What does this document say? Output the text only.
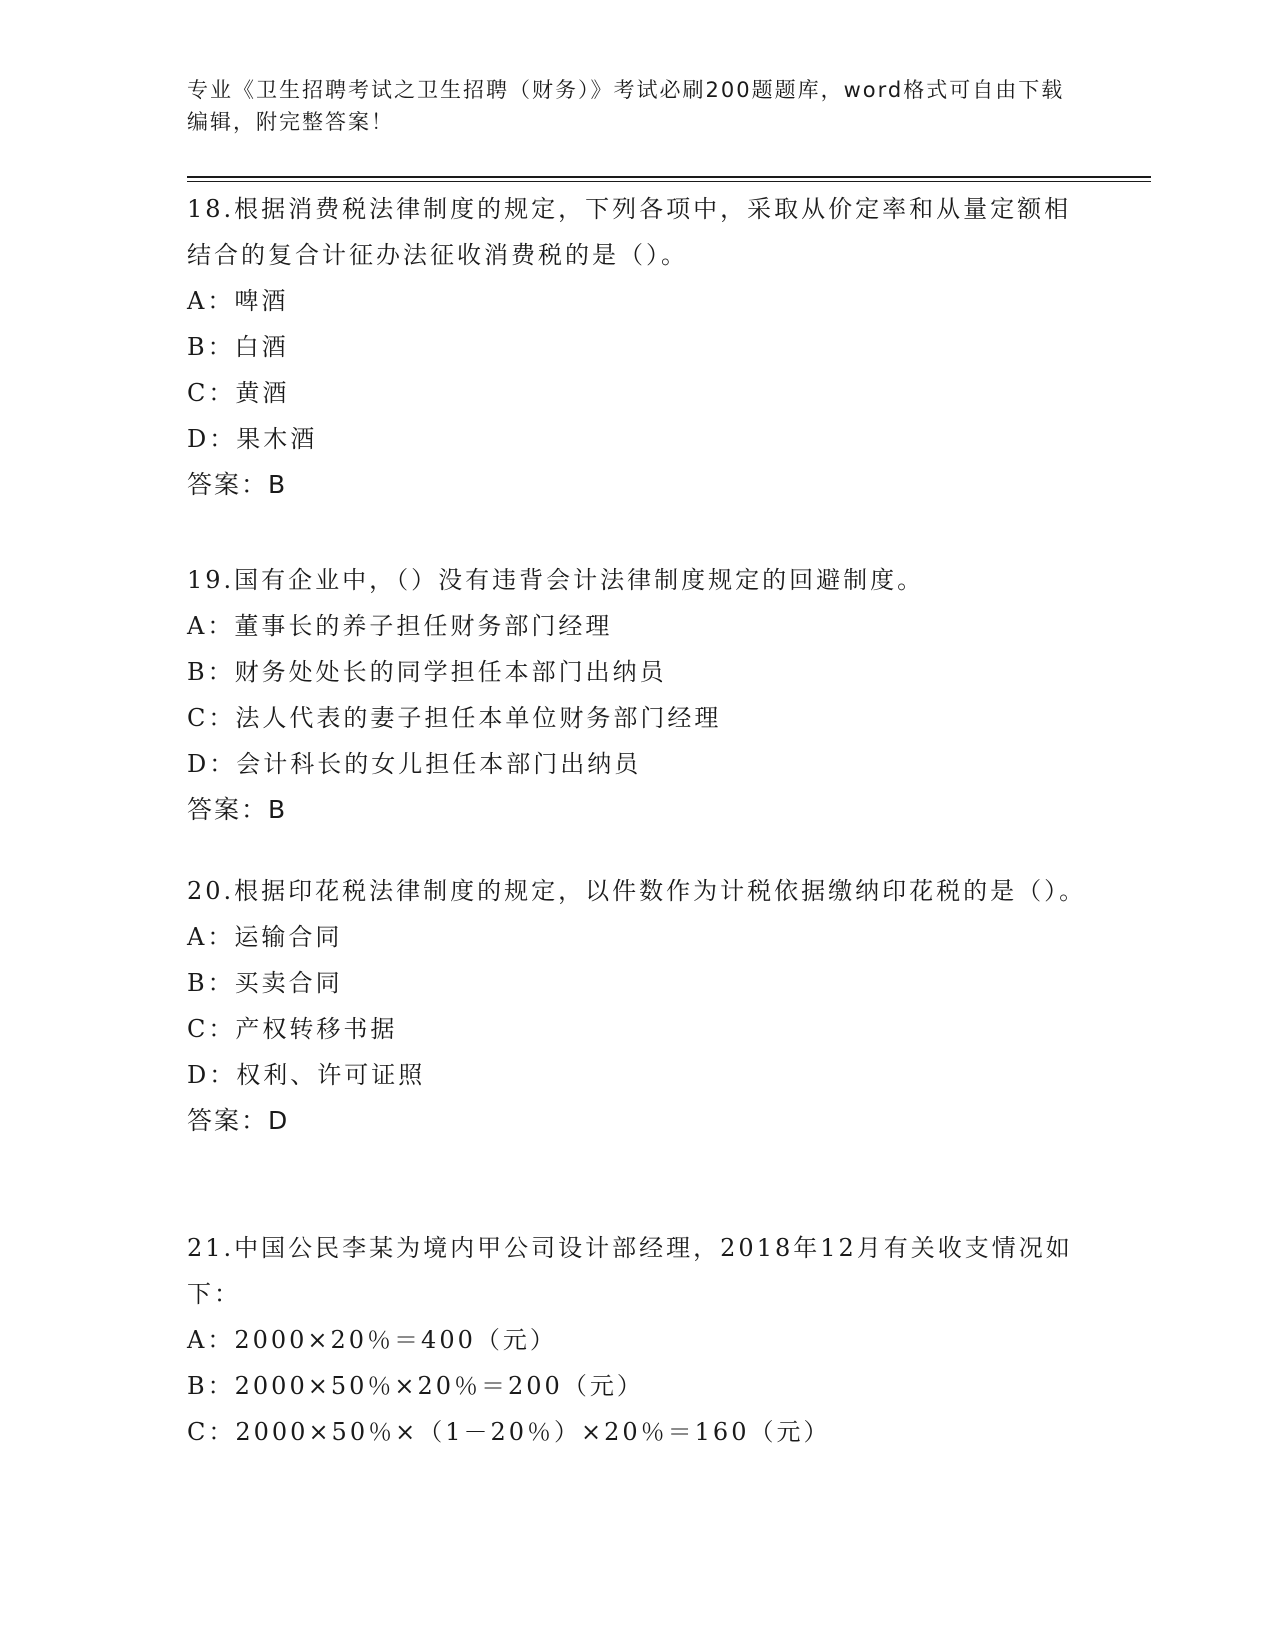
专业《卫生招聘考试之卫生招聘（财务）》考试必刷200题题库，word格式可自由下载编辑，附完整答案！

18.根据消费税法律制度的规定，下列各项中，采取从价定率和从量定额相结合的复合计征办法征收消费税的是（）。

A：啤酒

B：白酒

C：黄酒

D：果木酒

答案：B

19.国有企业中，（）没有违背会计法律制度规定的回避制度。

A：董事长的养子担任财务部门经理

B：财务处处长的同学担任本部门出纳员

C：法人代表的妻子担任本单位财务部门经理

D：会计科长的女儿担任本部门出纳员

答案：B

20.根据印花税法律制度的规定，以件数作为计税依据缴纳印花税的是（）。

A：运输合同

B：买卖合同

C：产权转移书据

D：权利、许可证照

答案：D

21.中国公民李某为境内甲公司设计部经理，2018年12月有关收支情况如下：

A：2000×20％＝400（元）

B：2000×50％×20％＝200（元）

C：2000×50％×（1－20％）×20％＝160（元）
